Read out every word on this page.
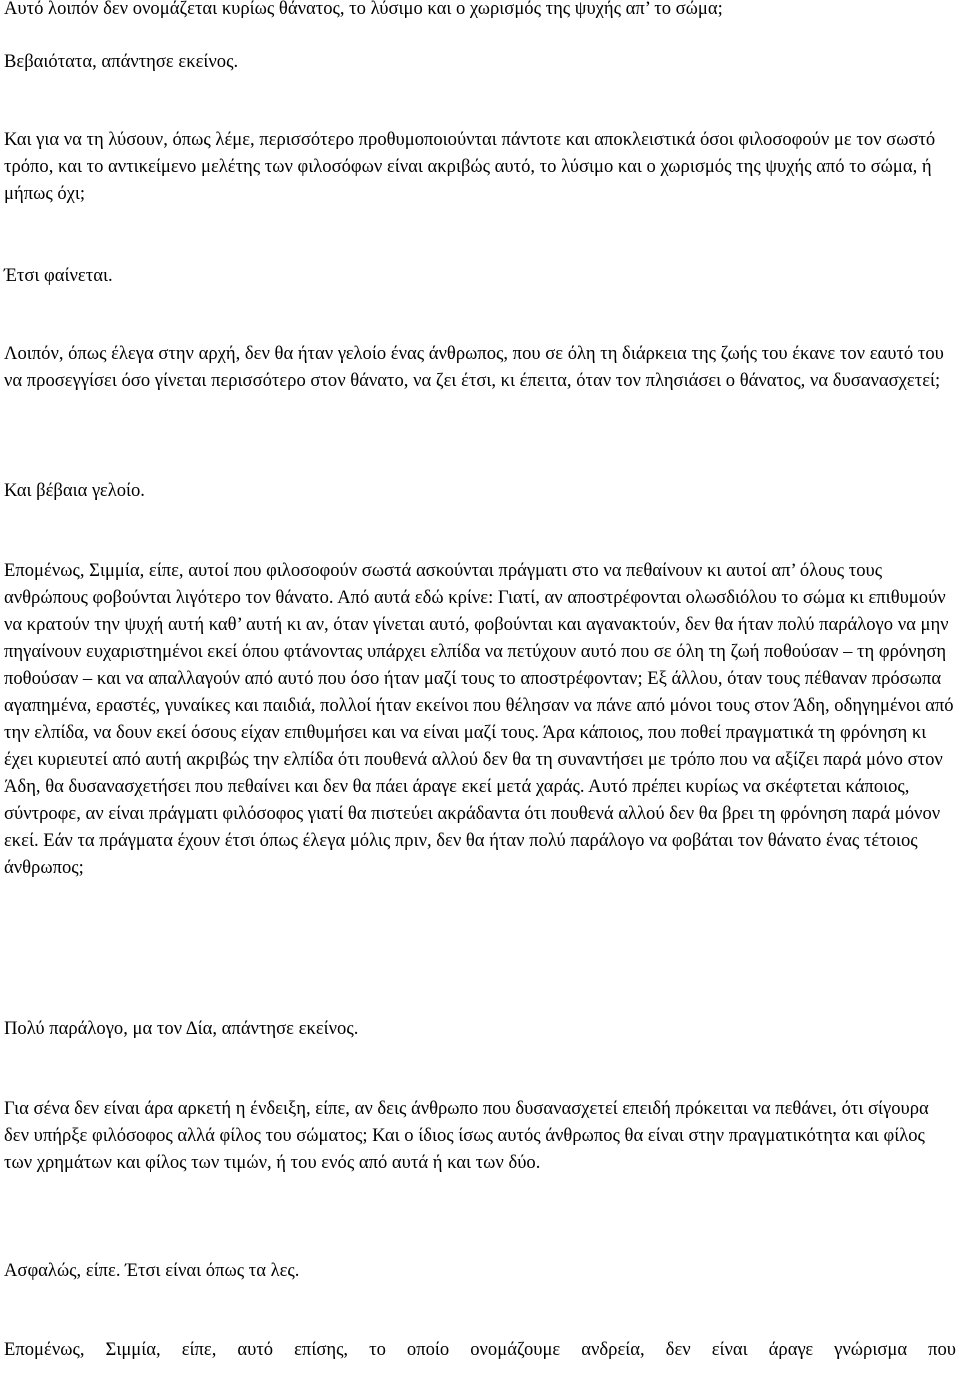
Αυτό λοιπόν δεν ονομάζεται κυρίως θάνατος, το λύσιμο και ο χωρισμός της ψυχής απ’ το σώμα;

Βεβαιότατα, απάντησε εκείνος.

Και για να τη λύσουν, όπως λέμε, περισσότερο προθυμοποιούνται πάντοτε και αποκλειστικά όσοι φιλοσοφούν με τον σωστό τρόπο, και το αντικείμενο μελέτης των φιλοσόφων είναι ακριβώς αυτό, το λύσιμο και ο χωρισμός της ψυχής από το σώμα, ή μήπως όχι;

Έτσι φαίνεται.

Λοιπόν, όπως έλεγα στην αρχή, δεν θα ήταν γελοίο ένας άνθρωπος, που σε όλη τη διάρκεια της ζωής του έκανε τον εαυτό του να προσεγγίσει όσο γίνεται περισσότερο στον θάνατο, να ζει έτσι, κι έπειτα, όταν τον πλησιάσει ο θάνατος, να δυσανασχετεί;

Και βέβαια γελοίο.

Επομένως, Σιμμία, είπε, αυτοί που φιλοσοφούν σωστά ασκούνται πράγματι στο να πεθαίνουν κι αυτοί απ’ όλους τους ανθρώπους φοβούνται λιγότερο τον θάνατο. Από αυτά εδώ κρίνε: Γιατί, αν αποστρέφονται ολωσδιόλου το σώμα κι επιθυμούν να κρατούν την ψυχή αυτή καθ’ αυτή κι αν, όταν γίνεται αυτό, φοβούνται και αγανακτούν, δεν θα ήταν πολύ παράλογο να μην πηγαίνουν ευχαριστημένοι εκεί όπου φτάνοντας υπάρχει ελπίδα να πετύχουν αυτό που σε όλη τη ζωή ποθούσαν – τη φρόνηση ποθούσαν – και να απαλλαγούν από αυτό που όσο ήταν μαζί τους το αποστρέφονταν; Εξ άλλου, όταν τους πέθαναν πρόσωπα αγαπημένα, εραστές, γυναίκες και παιδιά, πολλοί ήταν εκείνοι που θέλησαν να πάνε από μόνοι τους στον Άδη, οδηγημένοι από την ελπίδα, να δουν εκεί όσους είχαν επιθυμήσει και να είναι μαζί τους. Άρα κάποιος, που ποθεί πραγματικά τη φρόνηση κι έχει κυριευτεί από αυτή ακριβώς την ελπίδα ότι πουθενά αλλού δεν θα τη συναντήσει με τρόπο που να αξίζει παρά μόνο στον Άδη, θα δυσανασχετήσει που πεθαίνει και δεν θα πάει άραγε εκεί μετά χαράς. Αυτό πρέπει κυρίως να σκέφτεται κάποιος, σύντροφε, αν είναι πράγματι φιλόσοφος γιατί θα πιστεύει ακράδαντα ότι πουθενά αλλού δεν θα βρει τη φρόνηση παρά μόνον εκεί. Εάν τα πράγματα έχουν έτσι όπως έλεγα μόλις πριν, δεν θα ήταν πολύ παράλογο να φοβάται τον θάνατο ένας τέτοιος άνθρωπος;

Πολύ παράλογο, μα τον Δία, απάντησε εκείνος.

Για σένα δεν είναι άρα αρκετή η ένδειξη, είπε, αν δεις άνθρωπο που δυσανασχετεί επειδή πρόκειται να πεθάνει, ότι σίγουρα δεν υπήρξε φιλόσοφος αλλά φίλος του σώματος; Και ο ίδιος ίσως αυτός άνθρωπος θα είναι στην πραγματικότητα και φίλος των χρημάτων και φίλος των τιμών, ή του ενός από αυτά ή και των δύο.

Ασφαλώς, είπε. Έτσι είναι όπως τα λες.

Επομένως, Σιμμία, είπε, αυτό επίσης, το οποίο ονομάζουμε ανδρεία, δεν είναι άραγε γνώρισμα που
